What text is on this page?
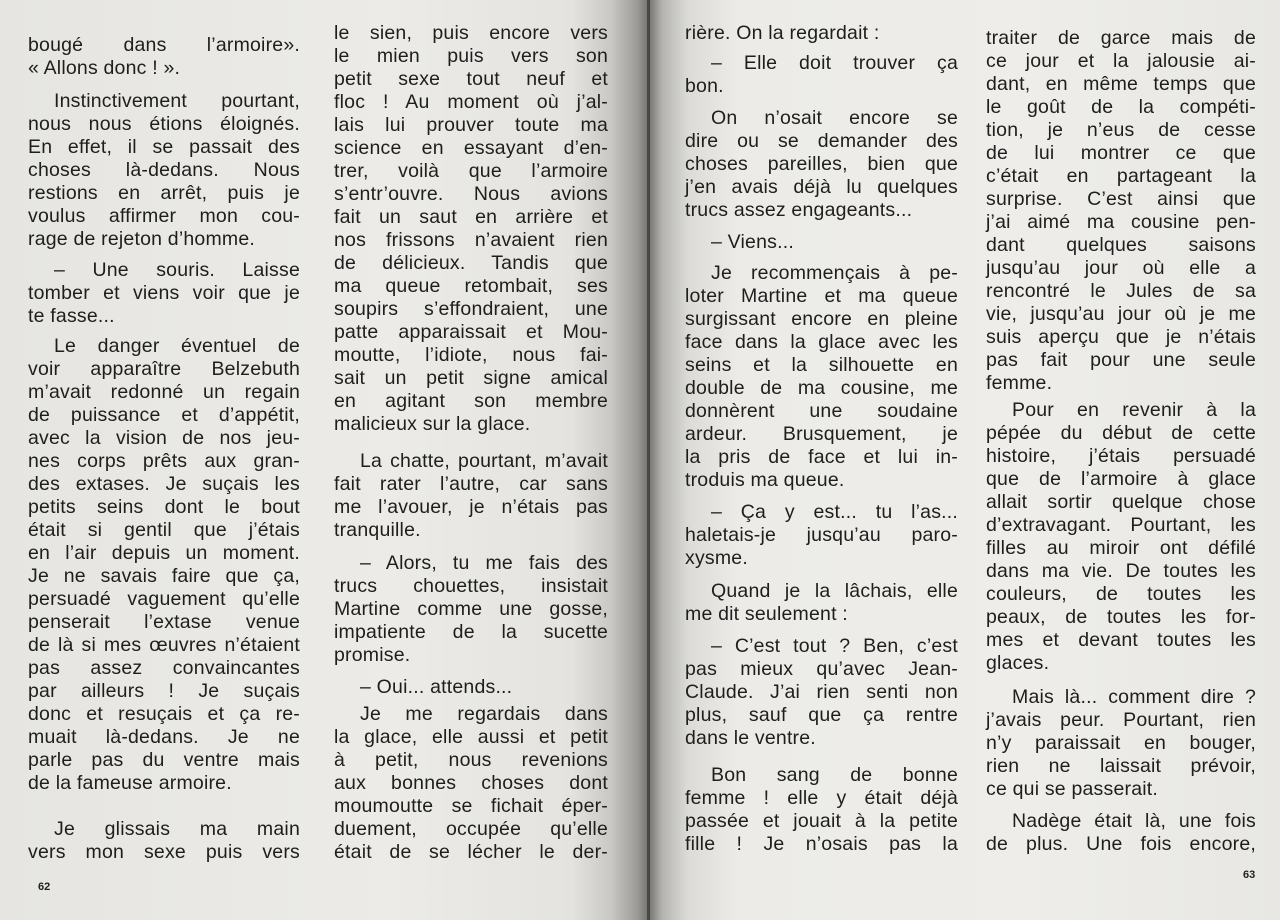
bougé dans l’armoire».
« Allons donc ! ».
Instinctivement pourtant,
nous nous étions éloignés.
En effet, il se passait des
choses là-dedans. Nous
restions en arrêt, puis je
voulus affirmer mon cou-
rage de rejeton d’homme.
– Une souris. Laisse
tomber et viens voir que je
te fasse...
Le danger éventuel de
voir apparaître Belzebuth
m’avait redonné un regain
de puissance et d’appétit,
avec la vision de nos jeu-
nes corps prêts aux gran-
des extases. Je suçais les
petits seins dont le bout
était si gentil que j’étais
en l’air depuis un moment.
Je ne savais faire que ça,
persuadé vaguement qu’elle
penserait l’extase venue
de là si mes œuvres n’étaient
pas assez convaincantes
par ailleurs ! Je suçais
donc et resuçais et ça re-
muait là-dedans. Je ne
parle pas du ventre mais
de la fameuse armoire.
Je glissais ma main
vers mon sexe puis vers
le sien, puis encore vers
le mien puis vers son
petit sexe tout neuf et
floc ! Au moment où j’al-
lais lui prouver toute ma
science en essayant d’en-
trer, voilà que l’armoire
s’entr’ouvre. Nous avions
fait un saut en arrière et
nos frissons n’avaient rien
de délicieux. Tandis que
ma queue retombait, ses
soupirs s’effondraient, une
patte apparaissait et Mou-
moutte, l’idiote, nous fai-
sait un petit signe amical
en agitant son membre
malicieux sur la glace.
La chatte, pourtant, m’avait
fait rater l’autre, car sans
me l’avouer, je n’étais pas
tranquille.
– Alors, tu me fais des
trucs chouettes, insistait
Martine comme une gosse,
impatiente de la sucette
promise.
– Oui... attends...
Je me regardais dans
la glace, elle aussi et petit
à petit, nous revenions
aux bonnes choses dont
moumoutte se fichait éper-
duement, occupée qu’elle
était de se lécher le der-
62
rière. On la regardait :
– Elle doit trouver ça
bon.
On n’osait encore se
dire ou se demander des
choses pareilles, bien que
j’en avais déjà lu quelques
trucs assez engageants...
– Viens...
Je recommençais à pe-
loter Martine et ma queue
surgissant encore en pleine
face dans la glace avec les
seins et la silhouette en
double de ma cousine, me
donnèrent une soudaine
ardeur. Brusquement, je
la pris de face et lui in-
troduis ma queue.
– Ça y est... tu l’as...
haletais-je jusqu’au paro-
xysme.
Quand je la lâchais, elle
me dit seulement :
– C’est tout ? Ben, c’est
pas mieux qu’avec Jean-
Claude. J’ai rien senti non
plus, sauf que ça rentre
dans le ventre.
Bon sang de bonne
femme ! elle y était déjà
passée et jouait à la petite
fille ! Je n’osais pas la
traiter de garce mais de
ce jour et la jalousie ai-
dant, en même temps que
le goût de la compéti-
tion, je n’eus de cesse
de lui montrer ce que
c’était en partageant la
surprise. C’est ainsi que
j’ai aimé ma cousine pen-
dant quelques saisons
jusqu’au jour où elle a
rencontré le Jules de sa
vie, jusqu’au jour où je me
suis aperçu que je n’étais
pas fait pour une seule
femme.
Pour en revenir à la
pépée du début de cette
histoire, j’étais persuadé
que de l’armoire à glace
allait sortir quelque chose
d’extravagant. Pourtant, les
filles au miroir ont défilé
dans ma vie. De toutes les
couleurs, de toutes les
peaux, de toutes les for-
mes et devant toutes les
glaces.
Mais là... comment dire ?
j’avais peur. Pourtant, rien
n’y paraissait en bouger,
rien ne laissait prévoir,
ce qui se passerait.
Nadège était là, une fois
de plus. Une fois encore,
63
